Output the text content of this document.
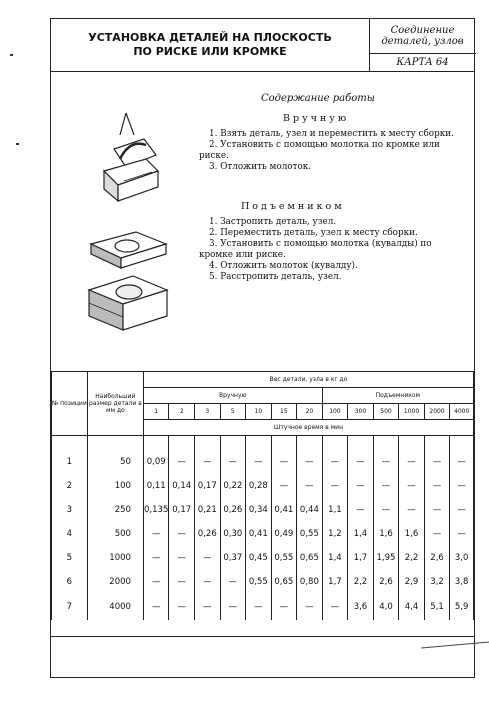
УСТАНОВКА ДЕТАЛЕЙ НА ПЛОСКОСТЬ
ПО РИСКЕ ИЛИ КРОМКЕ
Соединение
деталей, узлов
КАРТА 64
Содержание работы
Вручную
1. Взять деталь, узел и переместить к месту сборки.
2. Установить с помощью молотка по кромке или риске.
3. Отложить молоток.
Подъемником
1. Застропить деталь, узел.
2. Переместить деталь, узел к месту сборки.
3. Установить с помощью молотка (кувалды) по кромке или риске.
4. Отложить молоток (кувалду).
5. Расстропить деталь, узел.
№ позиции	Наибольший размер детали в мм до	Вес детали, узла в кг до												
		Вручную							Подъемником					
		1	2	3	5	10	15	20	100	300	500	1000	2000	4000
		Штучное время в мин												

1	50	0,09	—	—	—	—	—	—	—	—	—	—	—	—
2	100	0,11	0,14	0,17	0,22	0,28	—	—	—	—	—	—	—	—
3	250	0,135	0,17	0,21	0,26	0,34	0,41	0,44	1,1	—	—	—	—	—
4	500	—	—	0,26	0,30	0,41	0,49	0,55	1,2	1,4	1,6	1,6	—	—
5	1000	—	—	—	0,37	0,45	0,55	0,65	1,4	1,7	1,95	2,2	2,6	3,0
6	2000	—	—	—	—	0,55	0,65	0,80	1,7	2,2	2,6	2,9	3,2	3,8
7	4000	—	—	—	—	—	—	—	—	3,6	4,0	4,4	5,1	5,9
